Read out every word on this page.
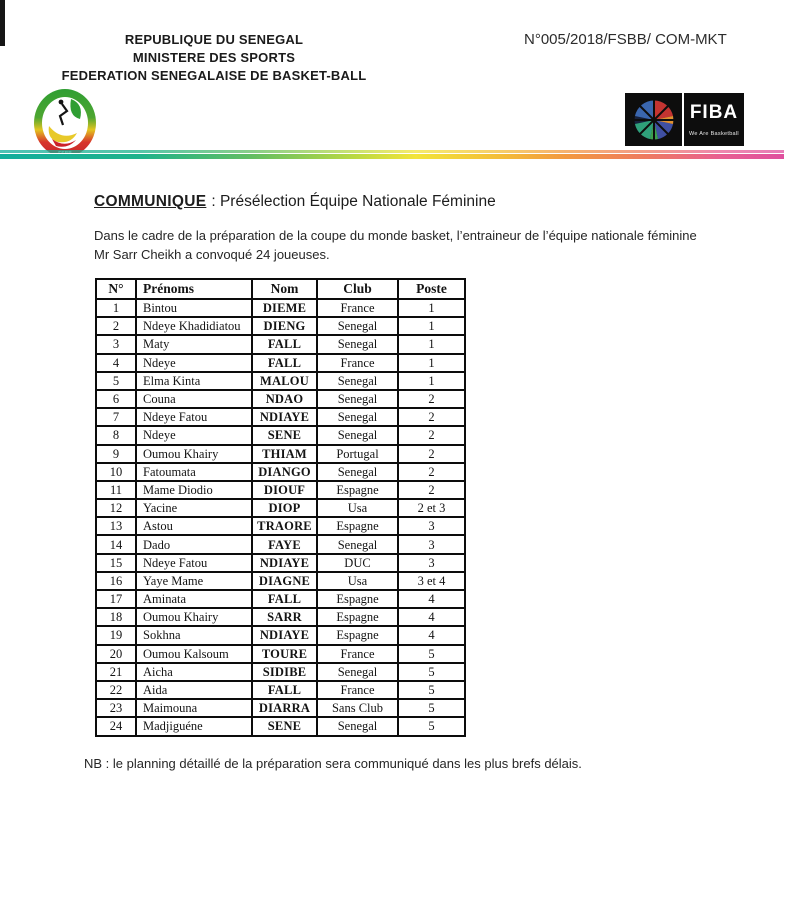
REPUBLIQUE DU SENEGAL
MINISTERE DES SPORTS
FEDERATION SENEGALAISE DE BASKET-BALL
N°005/2018/FSBB/ COM-MKT
FIBA
We Are Basketball
COMMUNIQUE : Présélection Équipe Nationale Féminine
Dans le cadre de la préparation de la coupe du monde basket, l’entraineur de l’équipe nationale féminine
Mr Sarr Cheikh a convoqué 24 joueuses.
N°	Prénoms	Nom	Club	Poste
1	Bintou	DIEME	France	1
2	Ndeye Khadidiatou	DIENG	Senegal	1
3	Maty	FALL	Senegal	1
4	Ndeye	FALL	France	1
5	Elma Kinta	MALOU	Senegal	1
6	Couna	NDAO	Senegal	2
7	Ndeye Fatou	NDIAYE	Senegal	2
8	Ndeye	SENE	Senegal	2
9	Oumou Khairy	THIAM	Portugal	2
10	Fatoumata	DIANGO	Senegal	2
11	Mame Diodio	DIOUF	Espagne	2
12	Yacine	DIOP	Usa	2 et 3
13	Astou	TRAORE	Espagne	3
14	Dado	FAYE	Senegal	3
15	Ndeye Fatou	NDIAYE	DUC	3
16	Yaye Mame	DIAGNE	Usa	3 et 4
17	Aminata	FALL	Espagne	4
18	Oumou Khairy	SARR	Espagne	4
19	Sokhna	NDIAYE	Espagne	4
20	Oumou Kalsoum	TOURE	France	5
21	Aicha	SIDIBE	Senegal	5
22	Aida	FALL	France	5
23	Maimouna	DIARRA	Sans Club	5
24	Madjiguéne	SENE	Senegal	5
NB : le planning détaillé de la préparation sera communiqué dans les plus brefs délais.
